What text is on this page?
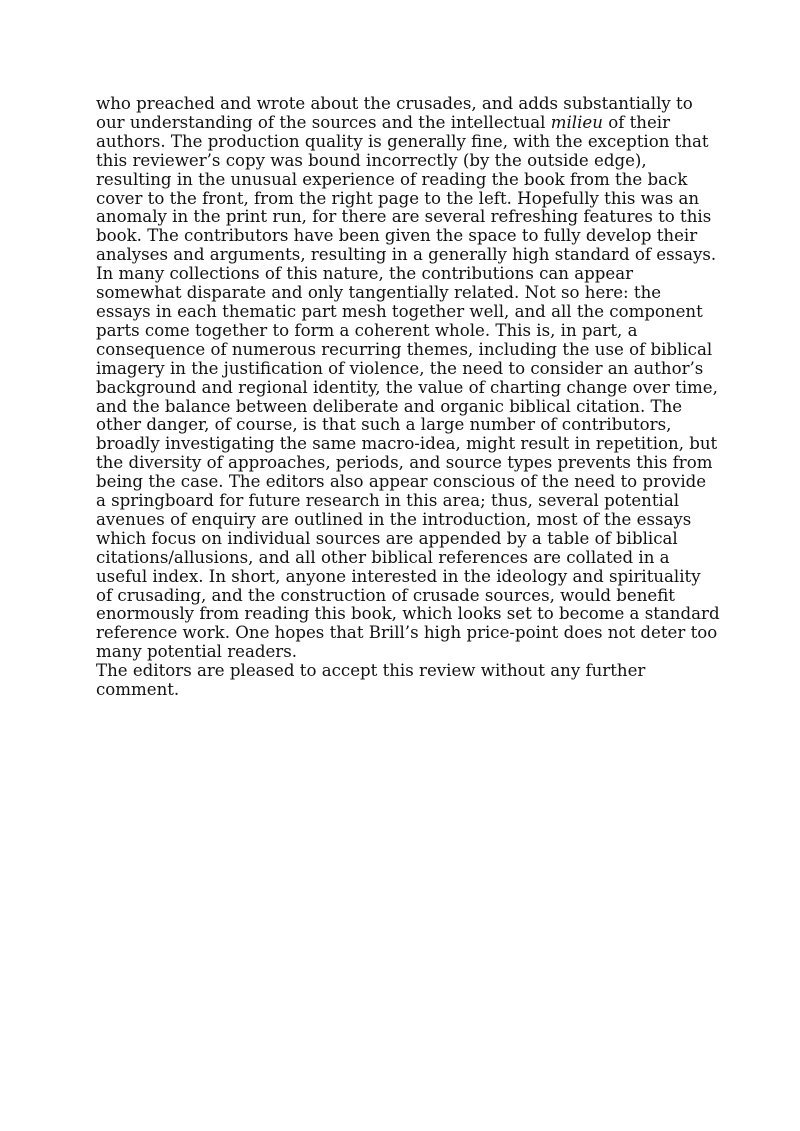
who preached and wrote about the crusades, and adds substantially to
our understanding of the sources and the intellectual milieu of their
authors. The production quality is generally fine, with the exception that
this reviewer’s copy was bound incorrectly (by the outside edge),
resulting in the unusual experience of reading the book from the back
cover to the front, from the right page to the left. Hopefully this was an
anomaly in the print run, for there are several refreshing features to this
book. The contributors have been given the space to fully develop their
analyses and arguments, resulting in a generally high standard of essays.
In many collections of this nature, the contributions can appear
somewhat disparate and only tangentially related. Not so here: the
essays in each thematic part mesh together well, and all the component
parts come together to form a coherent whole. This is, in part, a
consequence of numerous recurring themes, including the use of biblical
imagery in the justification of violence, the need to consider an author’s
background and regional identity, the value of charting change over time,
and the balance between deliberate and organic biblical citation. The
other danger, of course, is that such a large number of contributors,
broadly investigating the same macro-idea, might result in repetition, but
the diversity of approaches, periods, and source types prevents this from
being the case. The editors also appear conscious of the need to provide
a springboard for future research in this area; thus, several potential
avenues of enquiry are outlined in the introduction, most of the essays
which focus on individual sources are appended by a table of biblical
citations/allusions, and all other biblical references are collated in a
useful index. In short, anyone interested in the ideology and spirituality
of crusading, and the construction of crusade sources, would benefit
enormously from reading this book, which looks set to become a standard
reference work. One hopes that Brill’s high price-point does not deter too
many potential readers.

The editors are pleased to accept this review without any further
comment.
